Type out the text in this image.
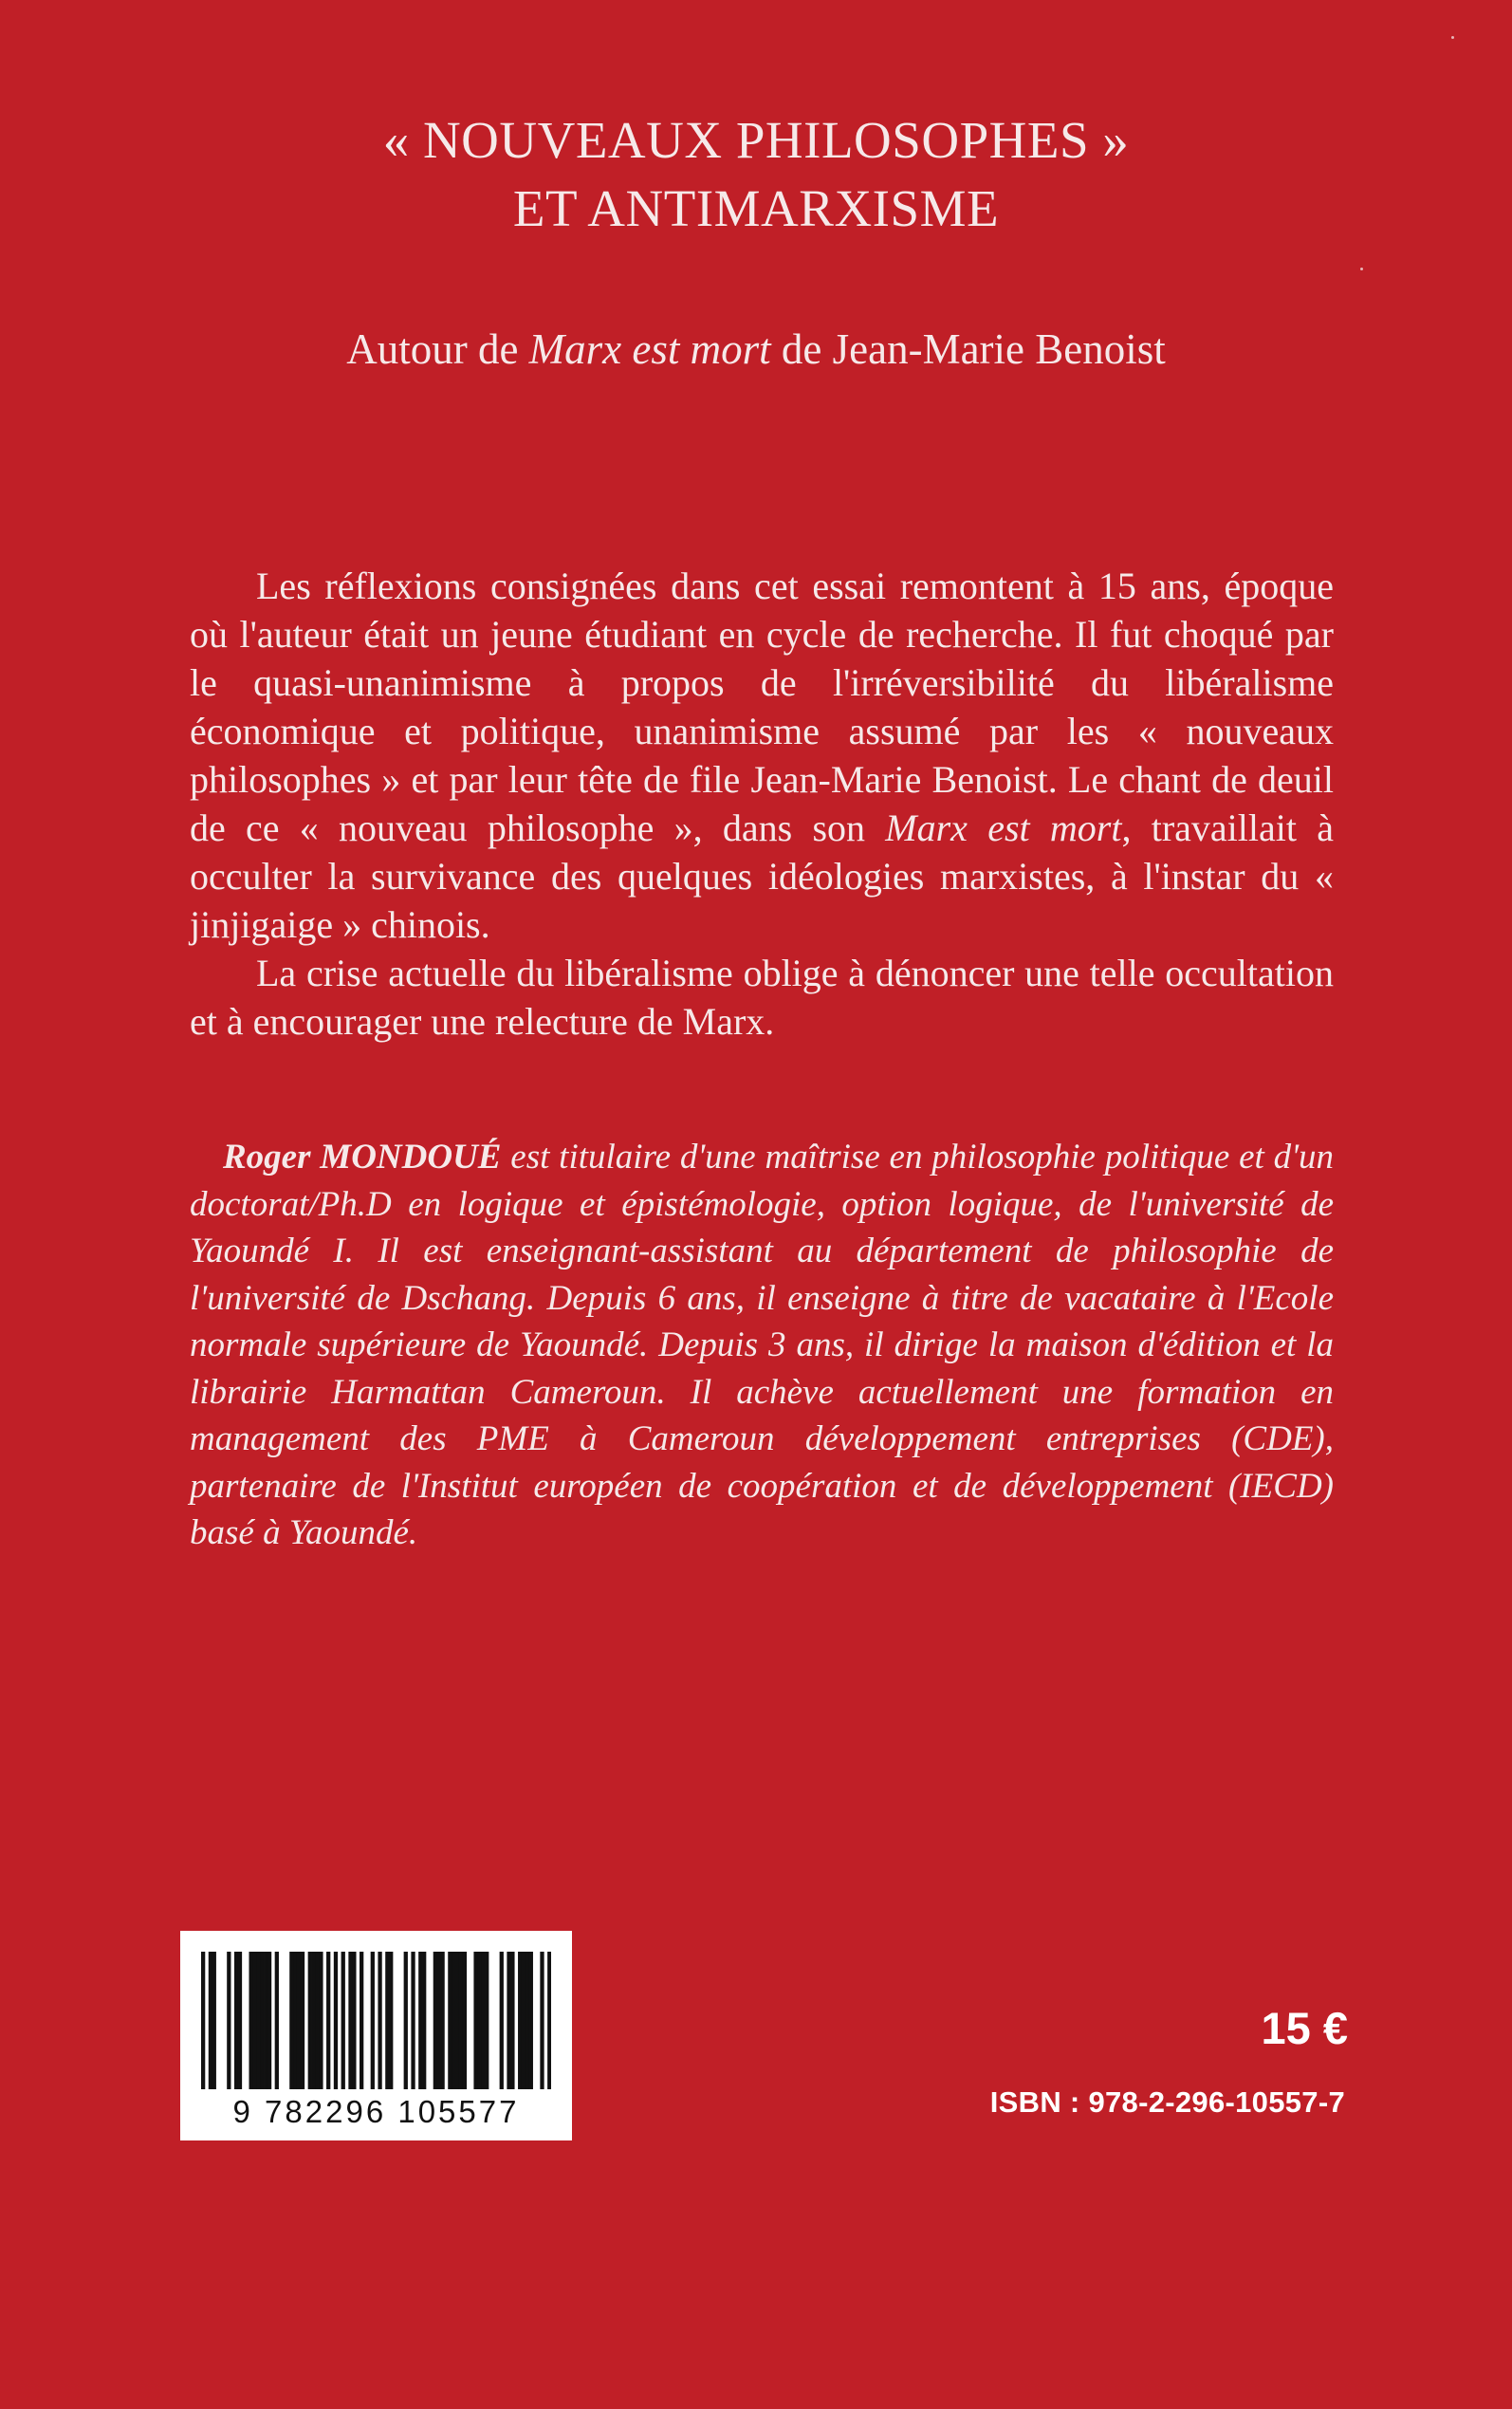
« NOUVEAUX PHILOSOPHES »
ET ANTIMARXISME
Autour de Marx est mort de Jean-Marie Benoist

Les réflexions consignées dans cet essai remontent à 15 ans, époque où l'auteur était un jeune étudiant en cycle de recherche. Il fut choqué par le quasi-unanimisme à propos de l'irréversibilité du libéralisme économique et politique, unanimisme assumé par les « nouveaux philosophes » et par leur tête de file Jean-Marie Benoist. Le chant de deuil de ce « nouveau philosophe », dans son Marx est mort, travaillait à occulter la survivance des quelques idéologies marxistes, à l'instar du « jinjigaige » chinois.

La crise actuelle du libéralisme oblige à dénoncer une telle occultation et à encourager une relecture de Marx.

Roger MONDOUÉ est titulaire d'une maîtrise en philosophie politique et d'un doctorat/Ph.D en logique et épistémologie, option logique, de l'université de Yaoundé I. Il est enseignant-assistant au département de philosophie de l'université de Dschang. Depuis 6 ans, il enseigne à titre de vacataire à l'Ecole normale supérieure de Yaoundé. Depuis 3 ans, il dirige la maison d'édition et la librairie Harmattan Cameroun. Il achève actuellement une formation en management des PME à Cameroun développement entreprises (CDE), partenaire de l'Institut européen de coopération et de développement (IECD) basé à Yaoundé.

9 782296 105577
15 €
ISBN : 978-2-296-10557-7
